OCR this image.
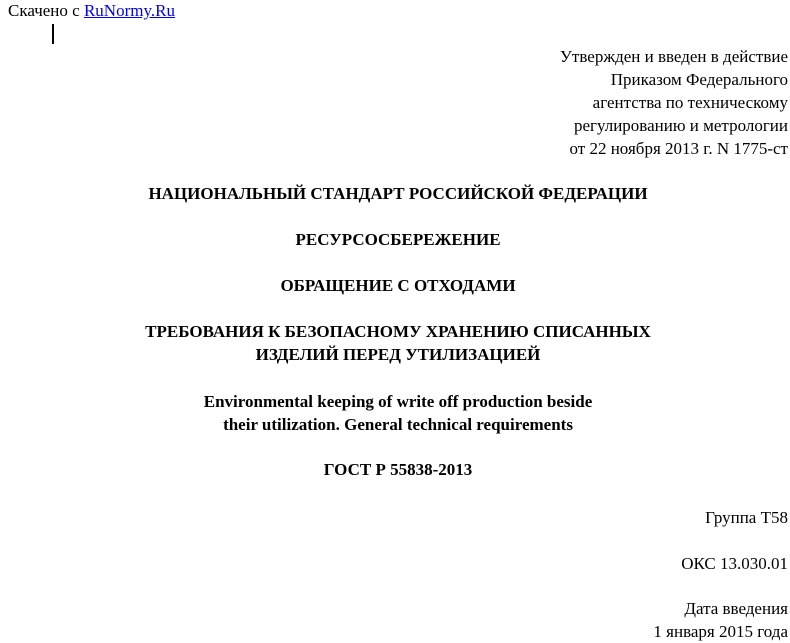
Скачено с RuNormy.Ru
Утвержден и введен в действие
Приказом Федерального
агентства по техническому
регулированию и метрологии
от 22 ноября 2013 г. N 1775-ст
НАЦИОНАЛЬНЫЙ СТАНДАРТ РОССИЙСКОЙ ФЕДЕРАЦИИ
РЕСУРСОСБЕРЕЖЕНИЕ
ОБРАЩЕНИЕ С ОТХОДАМИ
ТРЕБОВАНИЯ К БЕЗОПАСНОМУ ХРАНЕНИЮ СПИСАННЫХ
ИЗДЕЛИЙ ПЕРЕД УТИЛИЗАЦИЕЙ
Environmental keeping of write off production beside
their utilization. General technical requirements
ГОСТ Р 55838-2013
Группа Т58
ОКС 13.030.01
Дата введения
1 января 2015 года
